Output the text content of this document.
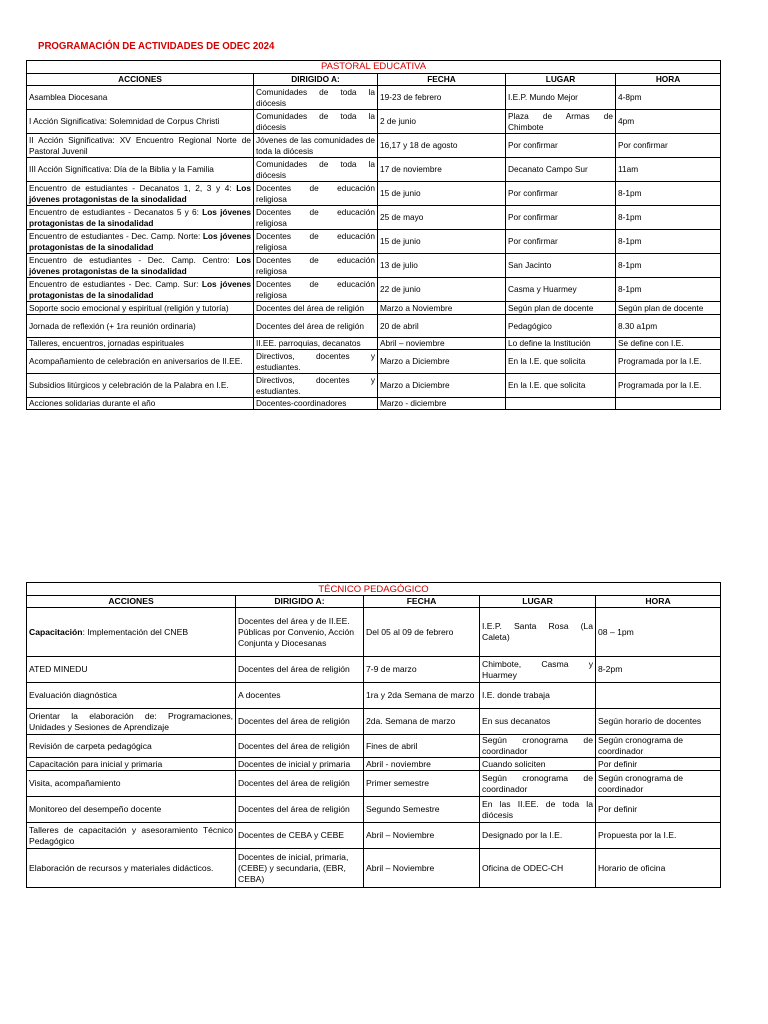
PROGRAMACIÓN DE ACTIVIDADES DE ODEC 2024
PASTORAL EDUCATIVA				
ACCIONES	DIRIGIDO A:	FECHA	LUGAR	HORA
Asamblea Diocesana	Comunidades de toda la diócesis	19-23 de febrero	I.E.P. Mundo Mejor	4-8pm
I Acción Significativa: Solemnidad de Corpus Christi	Comunidades de toda la diócesis	2 de junio	Plaza de Armas de Chimbote	4pm
II Acción Significativa: XV Encuentro Regional Norte de Pastoral Juvenil	Jóvenes de las comunidades de toda la diócesis	16,17 y 18 de agosto	Por confirmar	Por confirmar
III Acción Significativa: Día de la Biblia y la Familia	Comunidades de toda la diócesis	17 de noviembre	Decanato Campo Sur	11am
Encuentro de estudiantes - Decanatos 1, 2, 3 y 4: Los jóvenes protagonistas de la sinodalidad	Docentes de educación religiosa	15 de junio	Por confirmar	8-1pm
Encuentro de estudiantes - Decanatos 5 y 6: Los jóvenes protagonistas de la sinodalidad	Docentes de educación religiosa	25 de mayo	Por confirmar	8-1pm
Encuentro de estudiantes - Dec. Camp. Norte: Los jóvenes protagonistas de la sinodalidad	Docentes de educación religiosa	15 de junio	Por confirmar	8-1pm
Encuentro de estudiantes - Dec. Camp. Centro: Los jóvenes protagonistas de la sinodalidad	Docentes de educación religiosa	13 de julio	San Jacinto	8-1pm
Encuentro de estudiantes - Dec. Camp. Sur: Los jóvenes protagonistas de la sinodalidad	Docentes de educación religiosa	22 de junio	Casma y Huarmey	8-1pm
Soporte socio emocional y espiritual (religión y tutoría)	Docentes del área de religión	Marzo a Noviembre	Según plan de docente	Según plan de docente
Jornada de reflexión (+ 1ra reunión ordinaria)	Docentes del área de religión	20 de abril	Pedagógico	8.30 a1pm
Talleres, encuentros, jornadas espirituales	II.EE. parroquias, decanatos	Abril – noviembre	Lo define la Institución	Se define con I.E.
Acompañamiento de celebración en aniversarios de II.EE.	Directivos, docentes y estudiantes.	Marzo a Diciembre	En la I.E. que solicita	Programada por la I.E.
Subsidios litúrgicos y celebración de la Palabra en I.E.	Directivos, docentes y estudiantes.	Marzo a Diciembre	En la I.E. que solicita	Programada por la I.E.
Acciones solidarias durante el año	Docentes-coordinadores	Marzo - diciembre		
TÉCNICO PEDAGÓGICO				
ACCIONES	DIRIGIDO A:	FECHA	LUGAR	HORA
Capacitación: Implementación del CNEB	Docentes del área y de II.EE. Públicas por Convenio, Acción Conjunta y Diocesanas	Del 05 al 09 de febrero	I.E.P. Santa Rosa (La Caleta)	08 – 1pm
ATED MINEDU	Docentes del área de religión	7-9 de marzo	Chimbote, Casma y Huarmey	8-2pm
Evaluación diagnóstica	A docentes	1ra y 2da Semana de marzo	I.E. donde trabaja	
Orientar la elaboración de: Programaciones, Unidades y Sesiones de Aprendizaje	Docentes del área de religión	2da. Semana de marzo	En sus decanatos	Según horario de docentes
Revisión de carpeta pedagógica	Docentes del área de religión	Fines de abril	Según cronograma de coordinador	Según cronograma de coordinador
Capacitación para inicial y primaria	Docentes de inicial y primaria	Abril - noviembre	Cuando soliciten	Por definir
Visita, acompañamiento	Docentes del área de religión	Primer semestre	Según cronograma de coordinador	Según cronograma de coordinador
Monitoreo del desempeño docente	Docentes del área de religión	Segundo Semestre	En las II.EE. de toda la diócesis	Por definir
Talleres de capacitación y asesoramiento Técnico Pedagógico	Docentes de CEBA y CEBE	Abril – Noviembre	Designado por la I.E.	Propuesta por la I.E.
Elaboración de recursos y materiales didácticos.	Docentes de inicial, primaria, (CEBE) y secundaria, (EBR, CEBA)	Abril – Noviembre	Oficina de ODEC-CH	Horario de oficina
